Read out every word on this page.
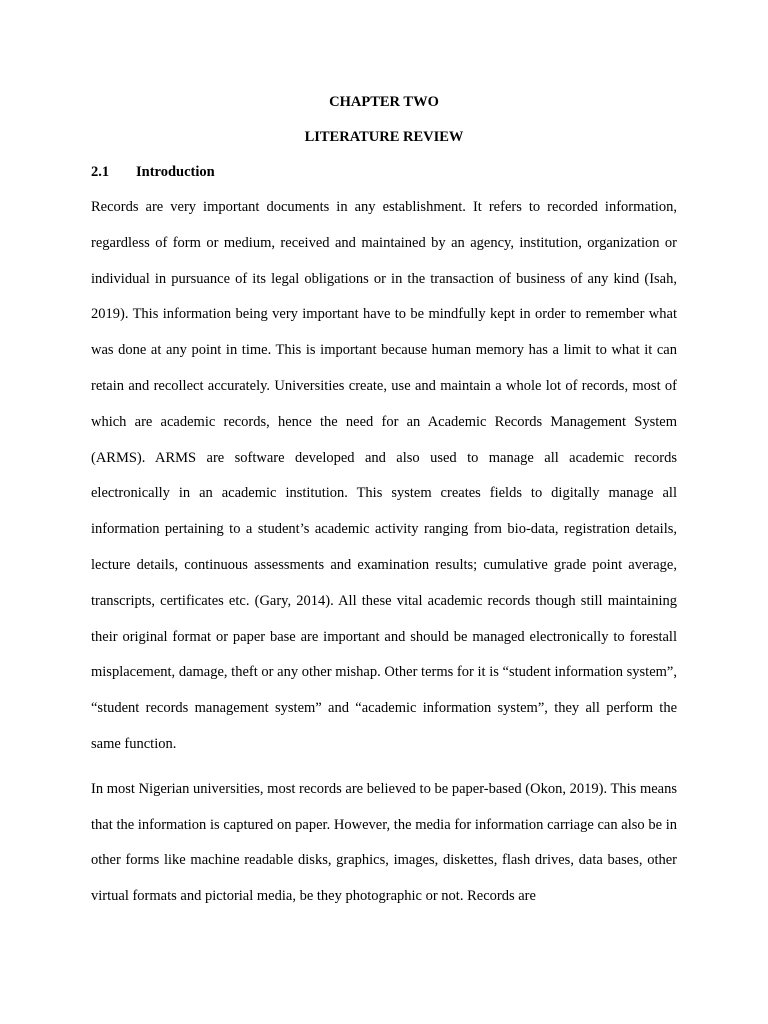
CHAPTER TWO

LITERATURE REVIEW

2.1	Introduction

Records are very important documents in any establishment. It refers to recorded information, regardless of form or medium, received and maintained by an agency, institution, organization or individual in pursuance of its legal obligations or in the transaction of business of any kind (Isah, 2019). This information being very important have to be mindfully kept in order to remember what was done at any point in time. This is important because human memory has a limit to what it can retain and recollect accurately. Universities create, use and maintain a whole lot of records, most of which are academic records, hence the need for an Academic Records Management System (ARMS). ARMS are software developed and also used to manage all academic records electronically in an academic institution. This system creates fields to digitally manage all information pertaining to a student’s academic activity ranging from bio-data, registration details, lecture details, continuous assessments and examination results; cumulative grade point average, transcripts, certificates etc. (Gary, 2014). All these vital academic records though still maintaining their original format or paper base are important and should be managed electronically to forestall misplacement, damage, theft or any other mishap. Other terms for it is “student information system”, “student records management system” and “academic information system”, they all perform the same function.

In most Nigerian universities, most records are believed to be paper-based (Okon, 2019). This means that the information is captured on paper. However, the media for information carriage can also be in other forms like machine readable disks, graphics, images, diskettes, flash drives, data bases, other virtual formats and pictorial media, be they photographic or not. Records are
